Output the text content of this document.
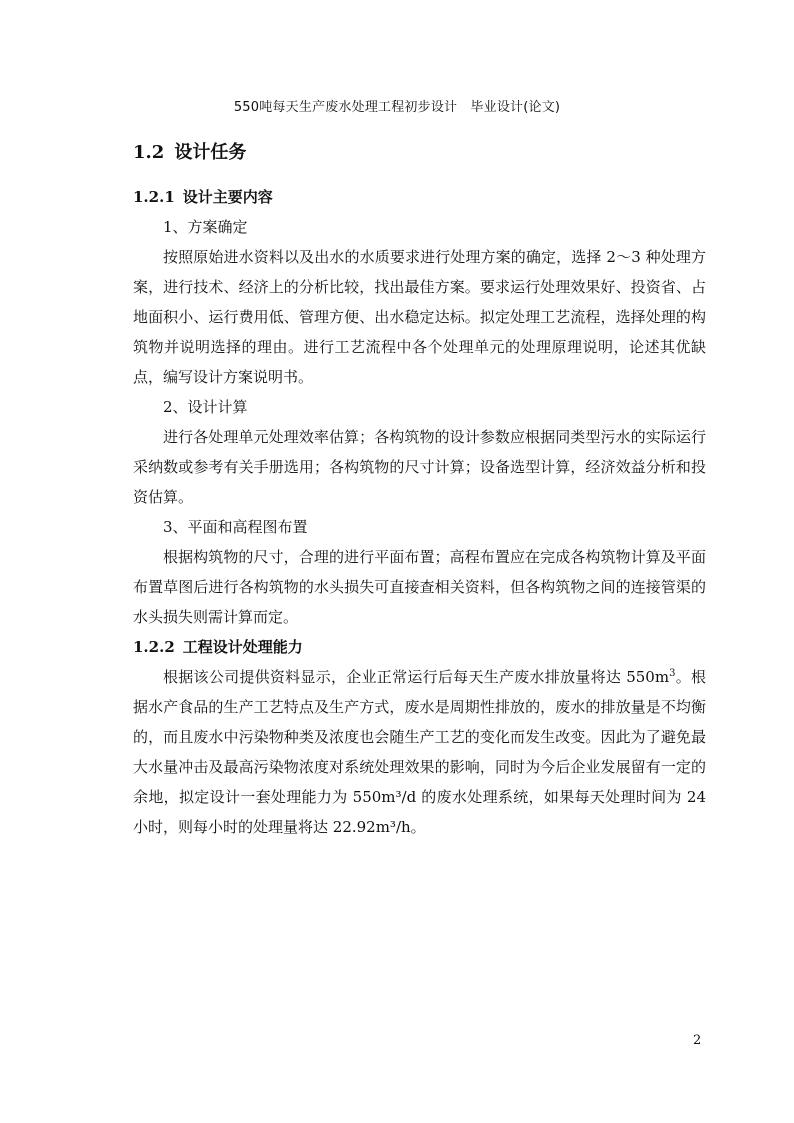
550吨每天生产废水处理工程初步设计　毕业设计(论文)
1.2 设计任务

1.2.1 设计主要内容

1、方案确定

按照原始进水资料以及出水的水质要求进行处理方案的确定，选择 2～3 种处理方案，进行技术、经济上的分析比较，找出最佳方案。要求运行处理效果好、投资省、占地面积小、运行费用低、管理方便、出水稳定达标。拟定处理工艺流程，选择处理的构筑物并说明选择的理由。进行工艺流程中各个处理单元的处理原理说明，论述其优缺点，编写设计方案说明书。

2、设计计算

进行各处理单元处理效率估算；各构筑物的设计参数应根据同类型污水的实际运行采纳数或参考有关手册选用；各构筑物的尺寸计算；设备选型计算，经济效益分析和投资估算。

3、平面和高程图布置

根据构筑物的尺寸，合理的进行平面布置；高程布置应在完成各构筑物计算及平面布置草图后进行各构筑物的水头损失可直接查相关资料，但各构筑物之间的连接管渠的水头损失则需计算而定。

1.2.2 工程设计处理能力

根据该公司提供资料显示，企业正常运行后每天生产废水排放量将达 $550m^3$。根据水产食品的生产工艺特点及生产方式，废水是周期性排放的，废水的排放量是不均衡的，而且废水中污染物种类及浓度也会随生产工艺的变化而发生改变。因此为了避免最大水量冲击及最高污染物浓度对系统处理效果的影响，同时为今后企业发展留有一定的余地，拟定设计一套处理能力为 550m³/d 的废水处理系统，如果每天处理时间为 24 小时，则每小时的处理量将达 22.92m³/h。

2
